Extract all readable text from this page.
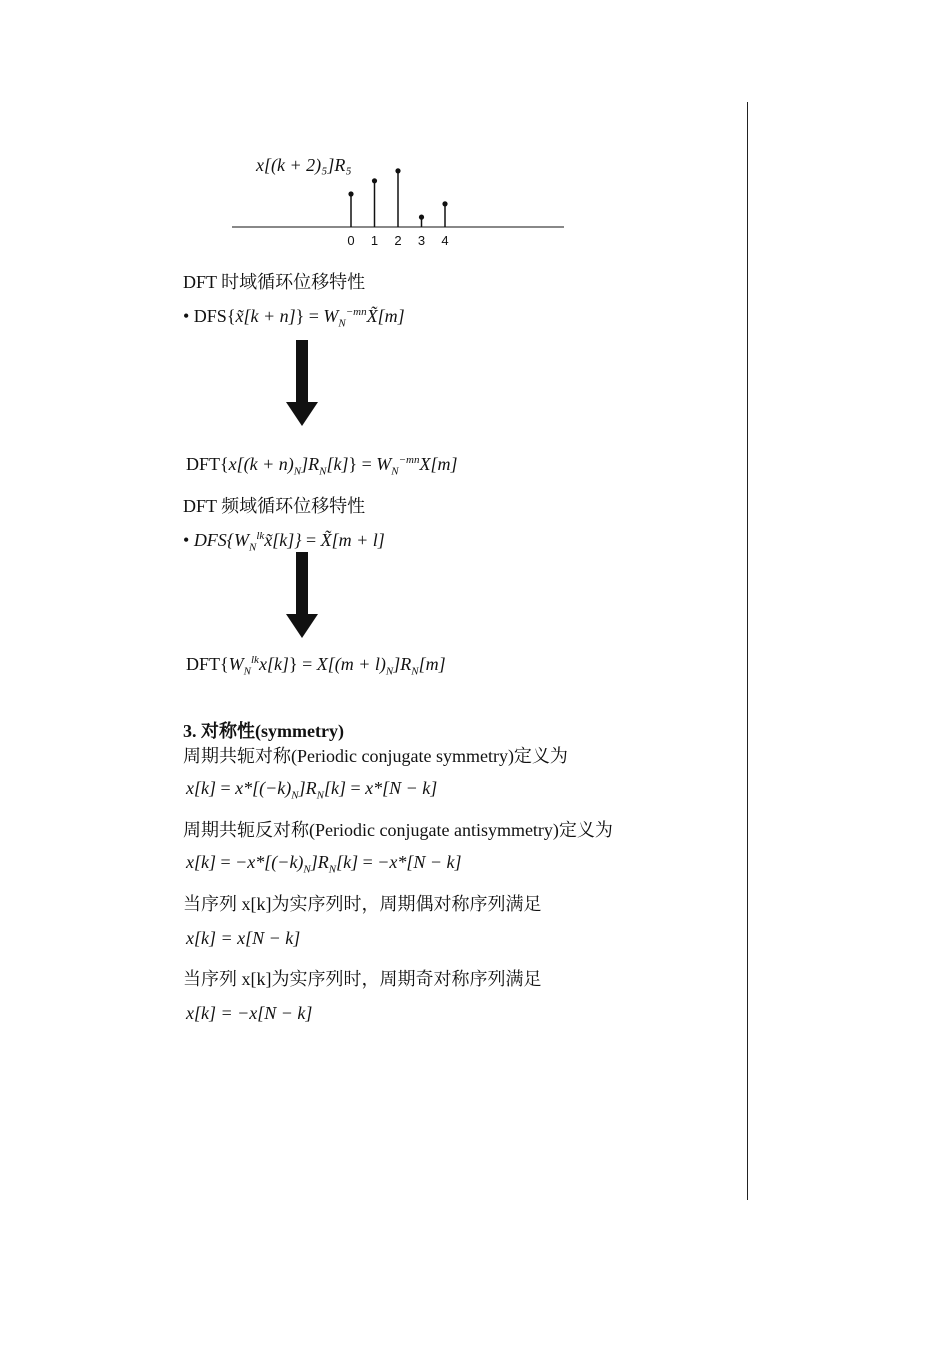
x[(k + 2)₅]R₅
0 1 2 3 4
DFT 时域循环位移特性
• DFS{x̃[k + $n]\} = W_N^{-mn}X̃[m]$
$DFT\{x[(k + n)_N]R_N[k]\} = W_N^{-mn}X[m]$
DFT 频域循环位移特性
• $DFS\{W_N^{lk}x̃[k]\}$ = X̃[m + l]
$DFT\{W_N^{lk}x[k]\} = X[(m + l)_N]R_N[m]$
3. 对称性(symmetry)
周期共轭对称(Periodic conjugate symmetry)定义为
$x[k] = x*[(-k)_N]R_N[k] = x*[N - k]$
周期共轭反对称(Periodic conjugate antisymmetry)定义为
$x[k] = -x*[(-k)_N]R_N[k] = -x*[N - k]$
当序列 x[k]为实序列时，周期偶对称序列满足
x[k] = x[N − k]
当序列 x[k]为实序列时，周期奇对称序列满足
x[k] = −x[N − k]
